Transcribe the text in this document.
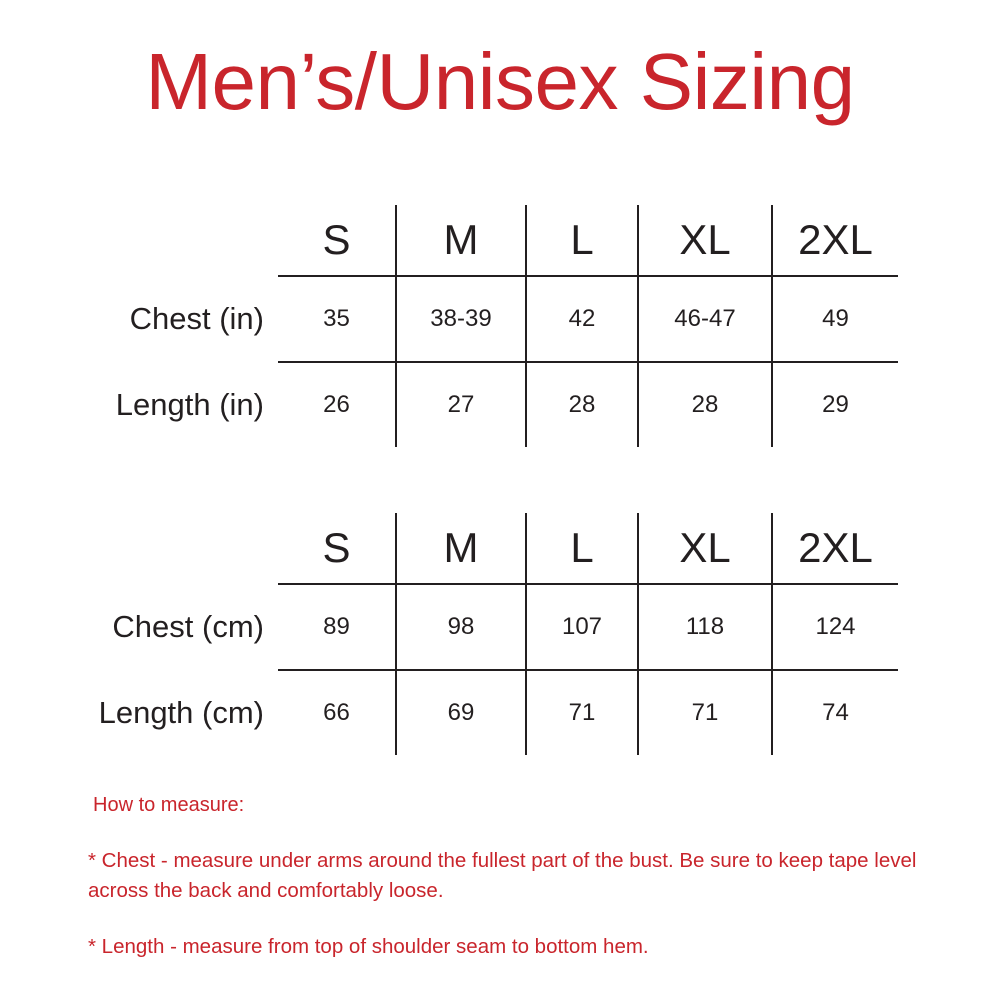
Men’s/Unisex Sizing
	S	M	L	XL	2XL
Chest (in)	35	38-39	42	46-47	49
Length (in)	26	27	28	28	29
	S	M	L	XL	2XL
Chest (cm)	89	98	107	118	124
Length (cm)	66	69	71	71	74

How to measure:

* Chest - measure under arms around the fullest part of the bust. Be sure to keep tape level across the back and comfortably loose.

* Length - measure from top of shoulder seam to bottom hem.
